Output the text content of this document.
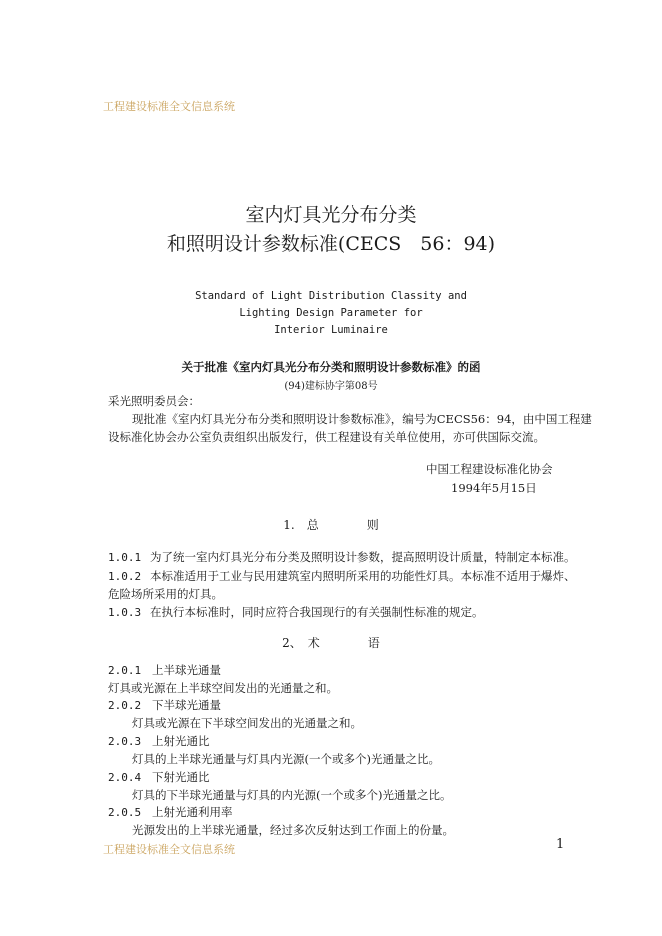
工程建设标准全文信息系统
室内灯具光分布分类
和照明设计参数标准(CECS　56：94)
Standard of Light Distribution Classity and
Lighting Design Parameter for
Interior Luminaire
关于批准《室内灯具光分布分类和照明设计参数标准》的函
(94)建标协字第08号
采光照明委员会：
现批准《室内灯具光分布分类和照明设计参数标准》，编号为CECS56：94，由中国工程建
设标准化协会办公室负责组织出版发行，供工程建设有关单位使用，亦可供国际交流。
中国工程建设标准化协会
1994年5月15日
1.　总　　　　则
1.0.1 为了统一室内灯具光分布分类及照明设计参数，提高照明设计质量，特制定本标准。
1.0.2 本标准适用于工业与民用建筑室内照明所采用的功能性灯具。本标准不适用于爆炸、
危险场所采用的灯具。
1.0.3 在执行本标准时，同时应符合我国现行的有关强制性标准的规定。
2、　术　　　　语
2.0.1 上半球光通量
灯具或光源在上半球空间发出的光通量之和。
2.0.2 下半球光通量
灯具或光源在下半球空间发出的光通量之和。
2.0.3 上射光通比
灯具的上半球光通量与灯具内光源(一个或多个)光通量之比。
2.0.4 下射光通比
灯具的下半球光通量与灯具的内光源(一个或多个)光通量之比。
2.0.5 上射光通利用率
光源发出的上半球光通量，经过多次反射达到工作面上的份量。
工程建设标准全文信息系统	1
